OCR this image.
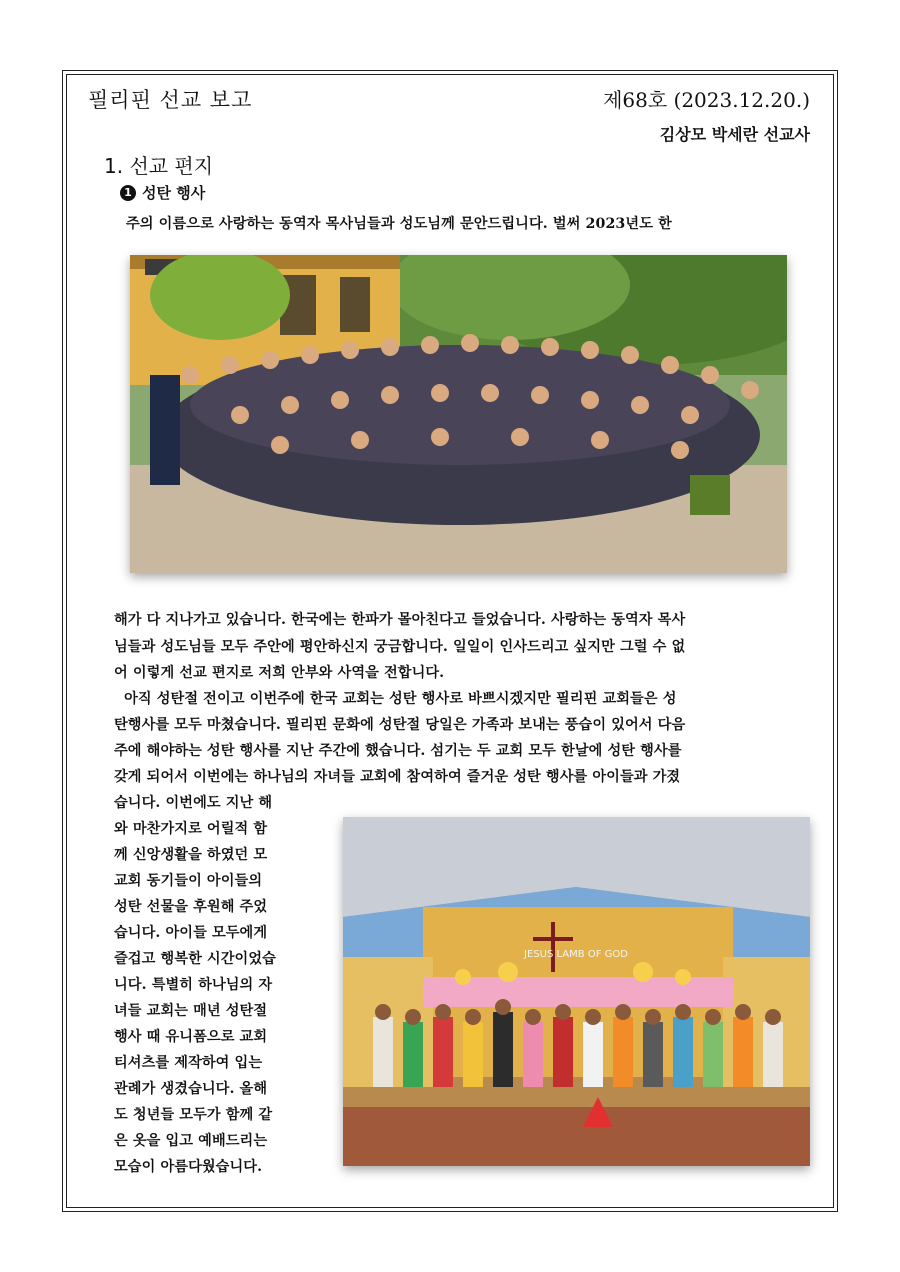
필리핀 선교 보고	제68호 (2023.12.20.)
김상모 박세란 선교사
1. 선교 편지
1 성탄 행사
주의 이름으로 사랑하는 동역자 목사님들과 성도님께 문안드립니다. 벌써 2023년도 한
해가 다 지나가고 있습니다. 한국에는 한파가 몰아친다고 들었습니다. 사랑하는 동역자 목사
님들과 성도님들 모두 주안에 평안하신지 궁금합니다. 일일이 인사드리고 싶지만 그럴 수 없
어 이렇게 선교 편지로 저희 안부와 사역을 전합니다.
아직 성탄절 전이고 이번주에 한국 교회는 성탄 행사로 바쁘시겠지만 필리핀 교회들은 성
탄행사를 모두 마쳤습니다. 필리핀 문화에 성탄절 당일은 가족과 보내는 풍습이 있어서 다음
주에 해야하는 성탄 행사를 지난 주간에 했습니다. 섬기는 두 교회 모두 한날에 성탄 행사를
갖게 되어서 이번에는 하나님의 자녀들 교회에 참여하여 즐거운 성탄 행사를 아이들과 가졌
습니다. 이번에도 지난 해
와 마찬가지로 어릴적 함
께 신앙생활을 하였던 모
교회 동기들이 아이들의
성탄 선물을 후원해 주었
습니다. 아이들 모두에게
즐겁고 행복한 시간이었습
니다. 특별히 하나님의 자
녀들 교회는 매년 성탄절
행사 때 유니폼으로 교회
티셔츠를 제작하여 입는
관례가 생겼습니다. 올해
도 청년들 모두가 함께 같
은 옷을 입고 예배드리는
모습이 아름다웠습니다.
JESUS LAMB OF GOD
